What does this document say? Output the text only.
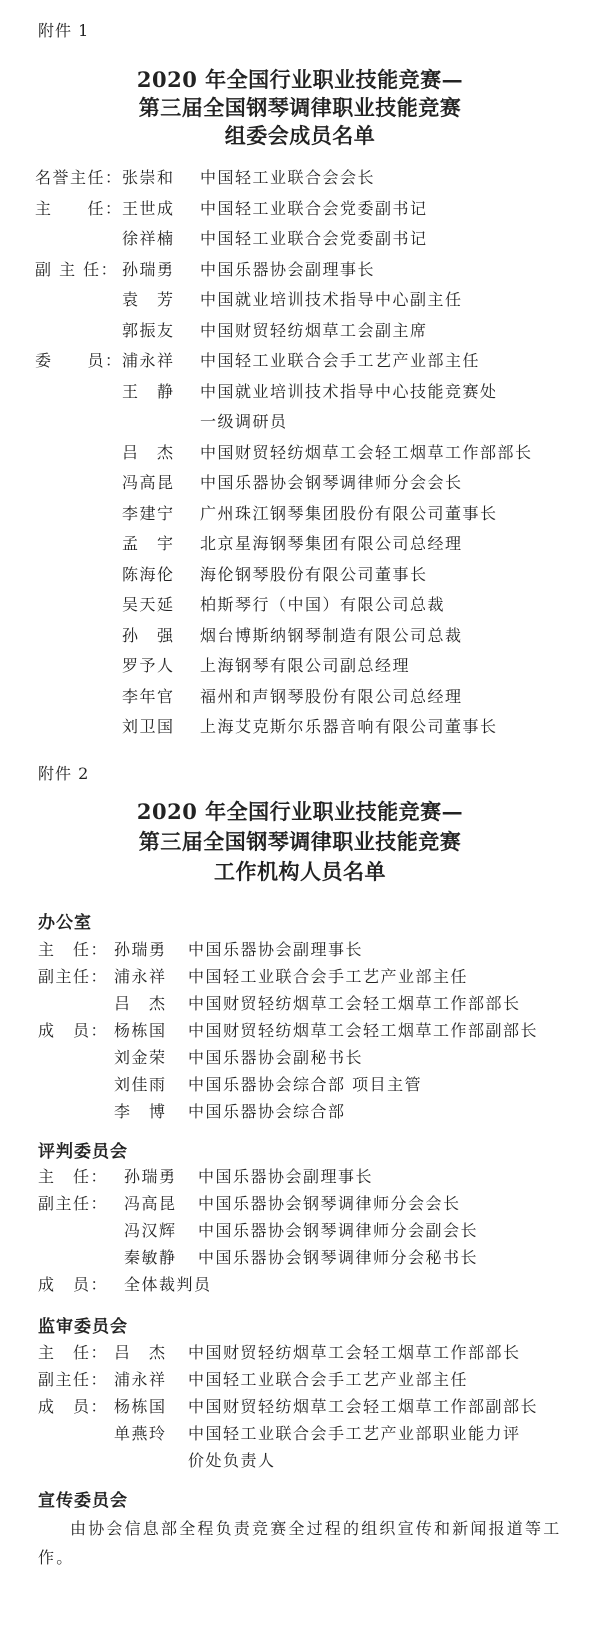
附件 1
2020 年全国行业职业技能竞赛—
第三届全国钢琴调律职业技能竞赛
组委会成员名单
名誉主任： 张崇和 中国轻工业联合会会长
主　　任： 王世成 中国轻工业联合会党委副书记
徐祥楠 中国轻工业联合会党委副书记
副 主 任： 孙瑞勇 中国乐器协会副理事长
袁　芳 中国就业培训技术指导中心副主任
郭振友 中国财贸轻纺烟草工会副主席
委　　员： 浦永祥 中国轻工业联合会手工艺产业部主任
王　静 中国就业培训技术指导中心技能竞赛处
一级调研员
吕　杰 中国财贸轻纺烟草工会轻工烟草工作部部长
冯高昆 中国乐器协会钢琴调律师分会会长
李建宁 广州珠江钢琴集团股份有限公司董事长
孟　宇 北京星海钢琴集团有限公司总经理
陈海伦 海伦钢琴股份有限公司董事长
吴天延 柏斯琴行（中国）有限公司总裁
孙　强 烟台博斯纳钢琴制造有限公司总裁
罗予人 上海钢琴有限公司副总经理
李年官 福州和声钢琴股份有限公司总经理
刘卫国 上海艾克斯尔乐器音响有限公司董事长
附件 2
2020 年全国行业职业技能竞赛—
第三届全国钢琴调律职业技能竞赛
工作机构人员名单
办公室
主　任： 孙瑞勇 中国乐器协会副理事长
副主任： 浦永祥 中国轻工业联合会手工艺产业部主任
吕　杰 中国财贸轻纺烟草工会轻工烟草工作部部长
成　员： 杨栋国 中国财贸轻纺烟草工会轻工烟草工作部副部长
刘金荣 中国乐器协会副秘书长
刘佳雨 中国乐器协会综合部 项目主管
李　博 中国乐器协会综合部
评判委员会
主　任： 孙瑞勇 中国乐器协会副理事长
副主任： 冯高昆 中国乐器协会钢琴调律师分会会长
冯汉辉 中国乐器协会钢琴调律师分会副会长
秦敏静 中国乐器协会钢琴调律师分会秘书长
成　员： 全体裁判员
监审委员会
主　任： 吕　杰 中国财贸轻纺烟草工会轻工烟草工作部部长
副主任： 浦永祥 中国轻工业联合会手工艺产业部主任
成　员： 杨栋国 中国财贸轻纺烟草工会轻工烟草工作部副部长
单燕玲 中国轻工业联合会手工艺产业部职业能力评
价处负责人
宣传委员会
由协会信息部全程负责竞赛全过程的组织宣传和新闻报道等工作。
